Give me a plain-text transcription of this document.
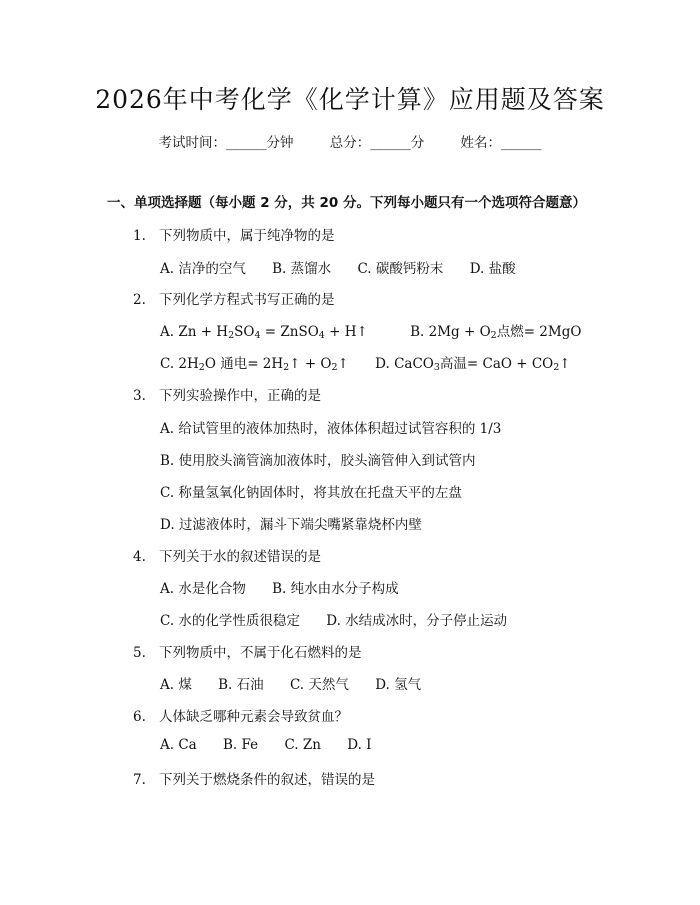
2026年中考化学《化学计算》应用题及答案
考试时间：______分钟	总分：______分	姓名：______
一、单项选择题（每小题 2 分，共 20 分。下列每小题只有一个选项符合题意）
1. 下列物质中，属于纯净物的是
A. 洁净的空气 B. 蒸馏水 C. 碳酸钙粉末 D. 盐酸
2. 下列化学方程式书写正确的是
A. $Zn + H_2SO_4$ = ZnSO$_4$ + H↑	B. $2Mg + O_2$点燃= 2MgO
C. $2H_2O$ 通电= $2H_2↑$ + $O_2↑$ D. CaCO$_3$高温= CaO + $CO_2↑$
3. 下列实验操作中，正确的是
A. 给试管里的液体加热时，液体体积超过试管容积的 1/3
B. 使用胶头滴管滴加液体时，胶头滴管伸入到试管内
C. 称量氢氧化钠固体时，将其放在托盘天平的左盘
D. 过滤液体时，漏斗下端尖嘴紧靠烧杯内壁
4. 下列关于水的叙述错误的是
A. 水是化合物 B. 纯水由水分子构成
C. 水的化学性质很稳定 D. 水结成冰时，分子停止运动
5. 下列物质中，不属于化石燃料的是
A. 煤 B. 石油 C. 天然气 D. 氢气
6. 人体缺乏哪种元素会导致贫血？
A. Ca B. Fe C. Zn D. I
7. 下列关于燃烧条件的叙述，错误的是
